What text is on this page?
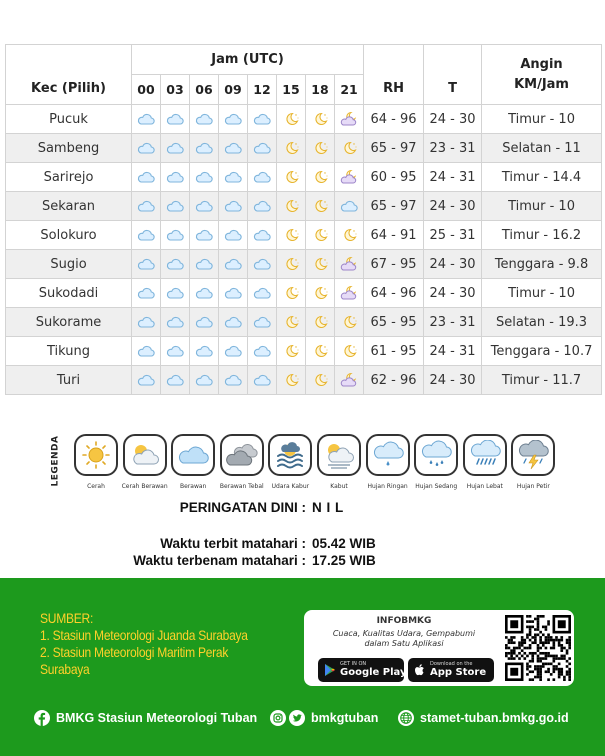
Kec (Pilih)	Jam (UTC)								RH	T	Angin
KM/Jam

	00	03	06	09	12	15	18	21			
Pucuk									64 - 96	24 - 30	Timur - 10
Sambeng									65 - 97	23 - 31	Selatan - 11
Sarirejo									60 - 95	24 - 31	Timur - 14.4
Sekaran									65 - 97	24 - 30	Timur - 10
Solokuro									64 - 91	25 - 31	Timur - 16.2
Sugio									67 - 95	24 - 30	Tenggara - 9.8
Sukodadi									64 - 96	24 - 30	Timur - 10
Sukorame									65 - 95	23 - 31	Selatan - 19.3
Tikung									61 - 95	24 - 31	Tenggara - 10.7
Turi									62 - 96	24 - 30	Timur - 11.7
LEGENDA
Cerah	Cerah Berawan	Berawan	Berawan Tebal	Udara Kabur	Kabut	Hujan Ringan	Hujan Sedang	Hujan Lebat	Hujan Petir
PERINGATAN DINI : N I L
Waktu terbit matahari : 05.42 WIB
Waktu terbenam matahari : 17.25 WIB
SUMBER:
1. Stasiun Meteorologi Juanda Surabaya
2. Stasiun Meteorologi Maritim Perak
Surabaya
INFOBMKG
Cuaca, Kualitas Udara, Gempabumi
dalam Satu Aplikasi
GET IN ON
Google Play
Download on the
App Store
BMKG Stasiun Meteorologi Tuban	bmkgtuban	stamet-tuban.bmkg.go.id
